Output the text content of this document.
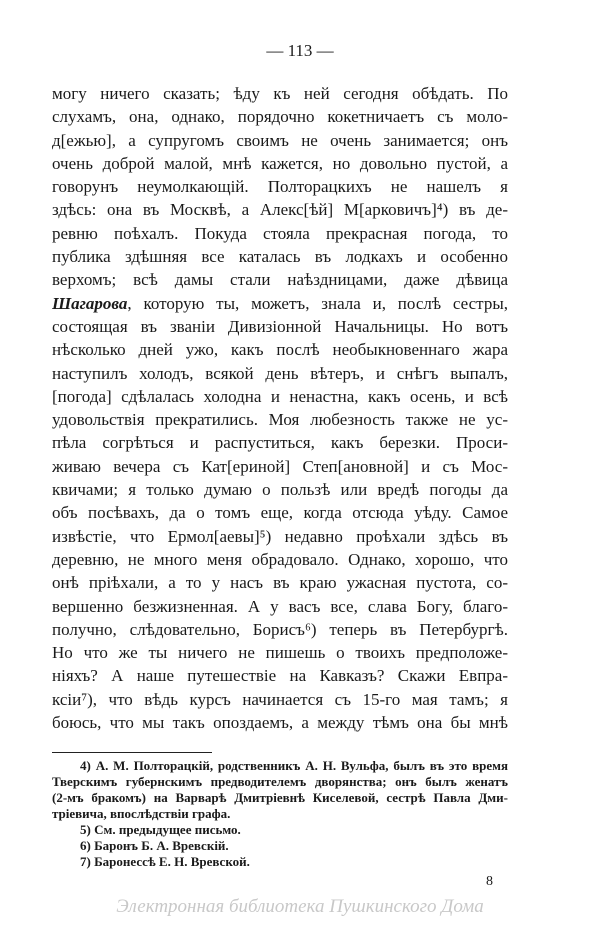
— 113 —
могу ничего сказать; ѣду къ ней сегодня обѣдать. По
слухамъ, она, однако, порядочно кокетничаетъ съ моло-
д[ежью], а супругомъ своимъ не очень занимается; онъ
очень доброй малой, мнѣ кажется, но довольно пустой, а
говорунъ неумолкающій. Полторацкихъ не нашелъ я
здѣсь: она въ Москвѣ, а Алекс[ѣй] М[арковичъ]⁴) въ де-
ревню поѣхалъ. Покуда стояла прекрасная погода, то
публика здѣшняя все каталась въ лодкахъ и особенно
верхомъ; всѣ дамы стали наѣздницами, даже дѣвица
Шагарова, которую ты, можетъ, знала и, послѣ сестры,
состоящая въ званіи Дивизіонной Начальницы. Но вотъ
нѣсколько дней ужо, какъ послѣ необыкновеннаго жара
наступилъ холодъ, всякой день вѣтеръ, и снѣгъ выпалъ,
[погода] сдѣлалась холодна и ненастна, какъ осень, и всѣ
удовольствія прекратились. Моя любезность также не ус-
пѣла согрѣться и распуститься, какъ березки. Проси-
живаю вечера съ Кат[ериной] Степ[ановной] и съ Мос-
квичами; я только думаю о пользѣ или вредѣ погоды да
объ посѣвахъ, да о томъ еще, когда отсюда уѣду. Самое
извѣстіе, что Ермол[аевы]⁵) недавно проѣхали здѣсь въ
деревню, не много меня обрадовало. Однако, хорошо, что
онѣ пріѣхали, а то у насъ въ краю ужасная пустота, со-
вершенно безжизненная. А у васъ все, слава Богу, благо-
получно, слѣдовательно, Борисъ⁶) теперь въ Петербургѣ.
Но что же ты ничего не пишешь о твоихъ предположе-
ніяхъ? А наше путешествіе на Кавказъ? Скажи Евпра-
ксіи⁷), что вѣдь курсъ начинается съ 15-го мая тамъ; я
боюсь, что мы такъ опоздаемъ, а между тѣмъ она бы мнѣ
4) А. М. Полторацкій, родственникъ А. Н. Вульфа, былъ въ это время
Тверскимъ губернскимъ предводителемъ дворянства; онъ былъ женатъ
(2-мъ бракомъ) на Варварѣ Дмитріевнѣ Киселевой, сестрѣ Павла Дми-
тріевича, впослѣдствіи графа.
5) См. предыдущее письмо.
6) Баронъ Б. А. Вревскій.
7) Баронессѣ Е. Н. Вревской.
8
Электронная библиотека Пушкинского Дома
